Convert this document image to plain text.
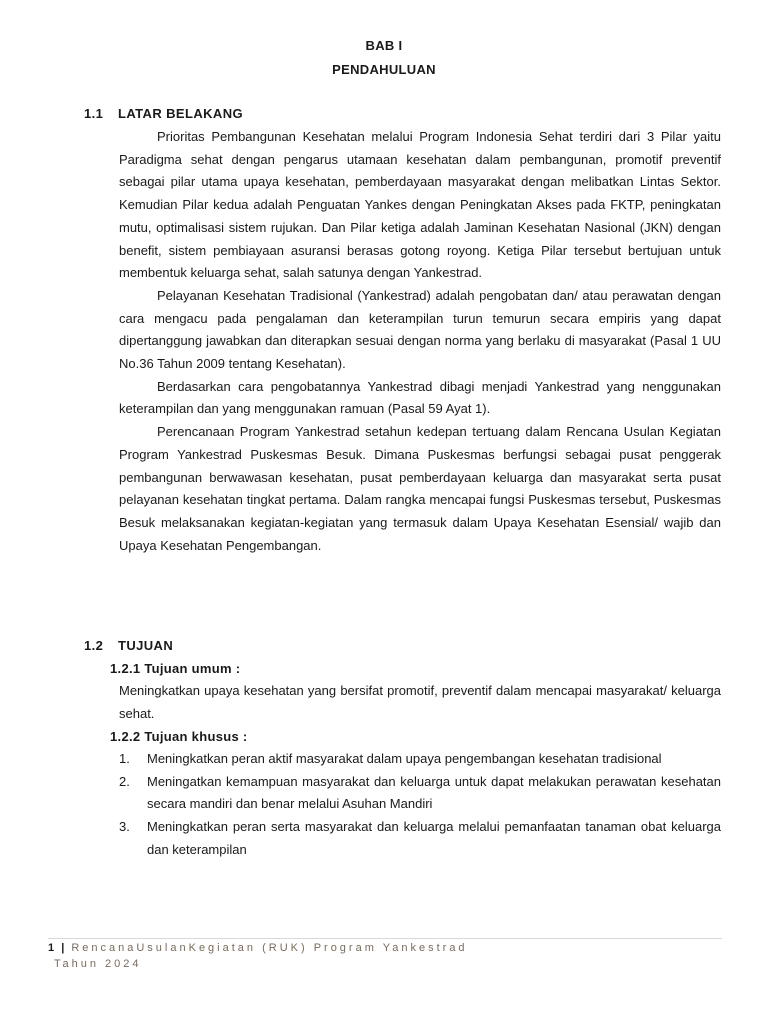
BAB I
PENDAHULUAN
1.1 LATAR BELAKANG

Prioritas Pembangunan Kesehatan melalui Program Indonesia Sehat terdiri dari 3 Pilar yaitu Paradigma sehat dengan pengarus utamaan kesehatan dalam pembangunan, promotif preventif sebagai pilar utama upaya kesehatan, pemberdayaan masyarakat dengan melibatkan Lintas Sektor. Kemudian Pilar kedua adalah Penguatan Yankes dengan Peningkatan Akses pada FKTP, peningkatan mutu, optimalisasi sistem rujukan. Dan Pilar ketiga adalah Jaminan Kesehatan Nasional (JKN) dengan benefit, sistem pembiayaan asuransi berasas gotong royong. Ketiga Pilar tersebut bertujuan untuk membentuk keluarga sehat, salah satunya dengan Yankestrad.

Pelayanan Kesehatan Tradisional (Yankestrad) adalah pengobatan dan/ atau perawatan dengan cara mengacu pada pengalaman dan keterampilan turun temurun secara empiris yang dapat dipertanggung jawabkan dan diterapkan sesuai dengan norma yang berlaku di masyarakat (Pasal 1 UU No.36 Tahun 2009 tentang Kesehatan).

Berdasarkan cara pengobatannya Yankestrad dibagi menjadi Yankestrad yang nenggunakan keterampilan dan yang menggunakan ramuan (Pasal 59 Ayat 1).

Perencanaan Program Yankestrad setahun kedepan tertuang dalam Rencana Usulan Kegiatan Program Yankestrad Puskesmas Besuk. Dimana Puskesmas berfungsi sebagai pusat penggerak pembangunan berwawasan kesehatan, pusat pemberdayaan keluarga dan masyarakat serta pusat pelayanan kesehatan tingkat pertama. Dalam rangka mencapai fungsi Puskesmas tersebut, Puskesmas Besuk melaksanakan kegiatan-kegiatan yang termasuk dalam Upaya Kesehatan Esensial/ wajib dan Upaya Kesehatan Pengembangan.

1.2 TUJUAN
1.2.1 Tujuan umum :
Meningkatkan upaya kesehatan yang bersifat promotif, preventif dalam mencapai masyarakat/ keluarga sehat.
1.2.2 Tujuan khusus :
1. Meningkatkan peran aktif masyarakat dalam upaya pengembangan kesehatan tradisional
2. Meningatkan kemampuan masyarakat dan keluarga untuk dapat melakukan perawatan kesehatan secara mandiri dan benar melalui Asuhan Mandiri
3. Meningkatkan peran serta masyarakat dan keluarga melalui pemanfaatan tanaman obat keluarga dan keterampilan
1 | RencanaUsulanKegiatan (RUK) Program Yankestrad
Tahun 2024
